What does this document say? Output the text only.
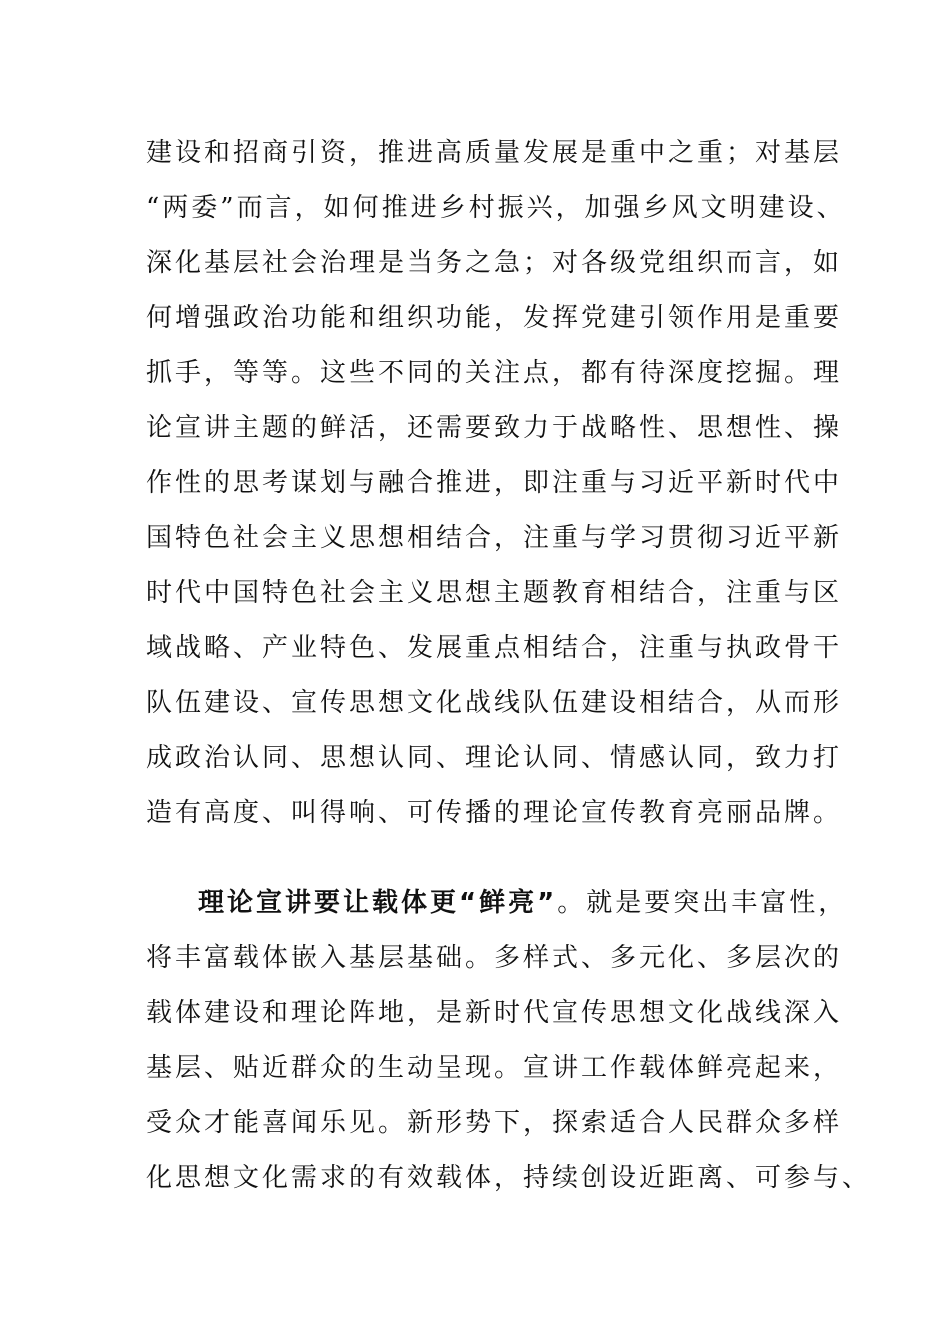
建设和招商引资，推进高质量发展是重中之重；对基层
“两委”而言，如何推进乡村振兴，加强乡风文明建设、
深化基层社会治理是当务之急；对各级党组织而言，如
何增强政治功能和组织功能，发挥党建引领作用是重要
抓手，等等。这些不同的关注点，都有待深度挖掘。理
论宣讲主题的鲜活，还需要致力于战略性、思想性、操
作性的思考谋划与融合推进，即注重与习近平新时代中
国特色社会主义思想相结合，注重与学习贯彻习近平新
时代中国特色社会主义思想主题教育相结合，注重与区
域战略、产业特色、发展重点相结合，注重与执政骨干
队伍建设、宣传思想文化战线队伍建设相结合，从而形
成政治认同、思想认同、理论认同、情感认同，致力打
造有高度、叫得响、可传播的理论宣传教育亮丽品牌。
理论宣讲要让载体更“鲜亮”。就是要突出丰富性，
将丰富载体嵌入基层基础。多样式、多元化、多层次的
载体建设和理论阵地，是新时代宣传思想文化战线深入
基层、贴近群众的生动呈现。宣讲工作载体鲜亮起来，
受众才能喜闻乐见。新形势下，探索适合人民群众多样
化思想文化需求的有效载体，持续创设近距离、可参与、
